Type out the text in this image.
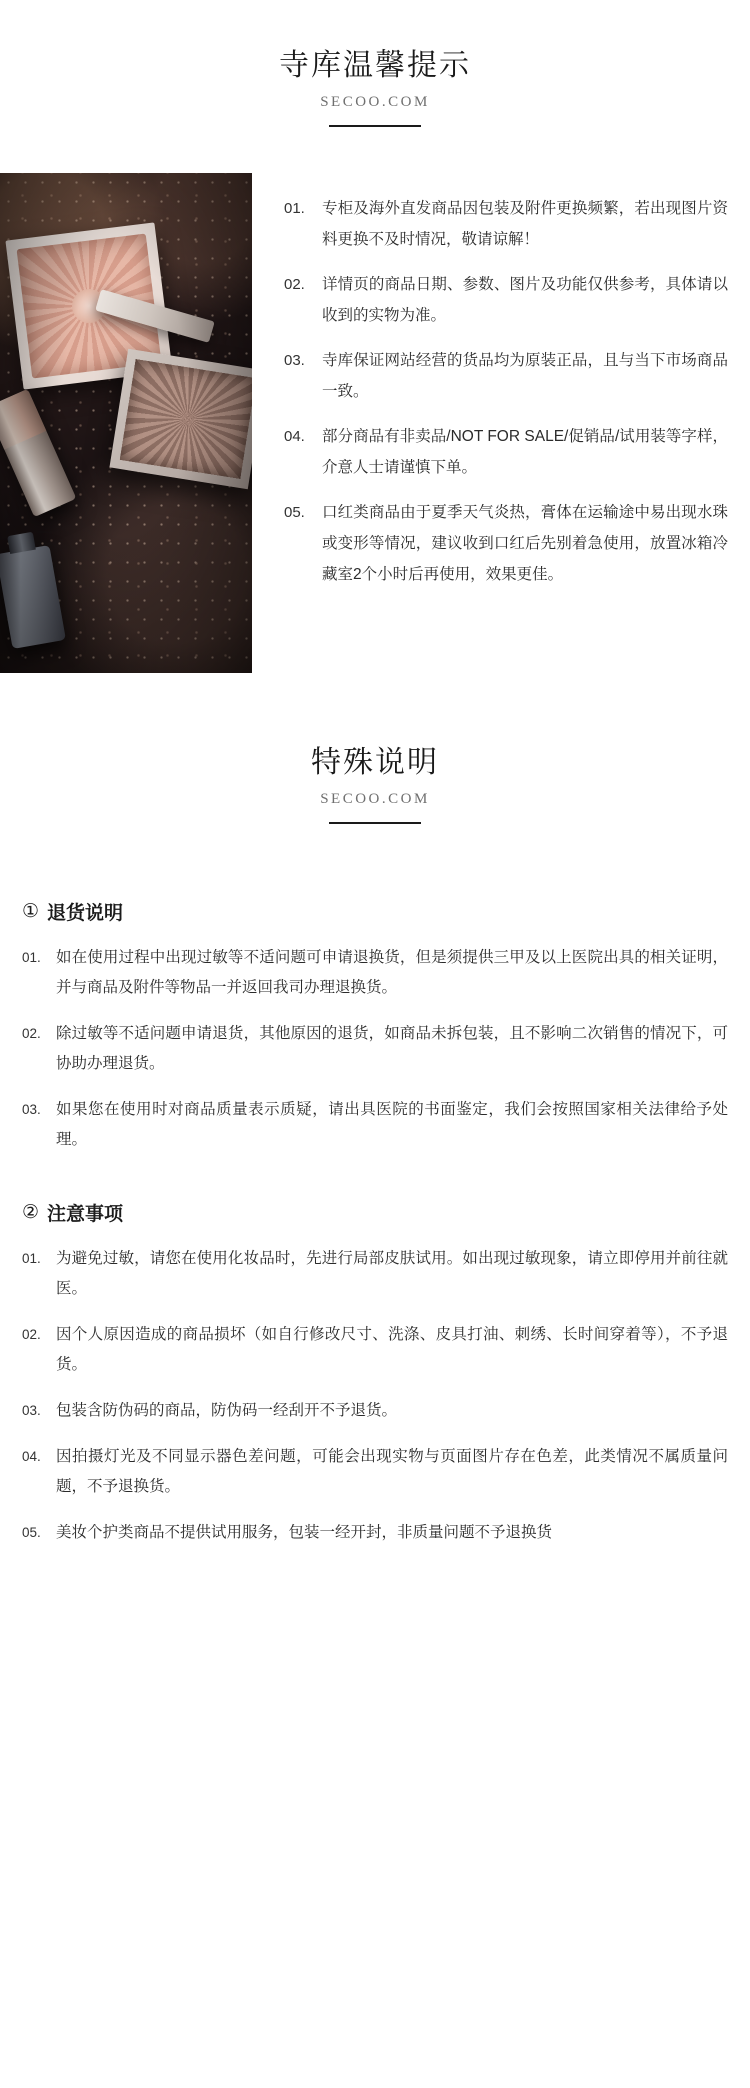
寺库温馨提示
SECOO.COM
01.	专柜及海外直发商品因包装及附件更换频繁，若出现图片资料更换不及时情况，敬请谅解！
02.	详情页的商品日期、参数、图片及功能仅供参考，具体请以收到的实物为准。
03.	寺库保证网站经营的货品均为原装正品，且与当下市场商品一致。
04.	部分商品有非卖品/NOT FOR SALE/促销品/试用装等字样，介意人士请谨慎下单。
05.	口红类商品由于夏季天气炎热，膏体在运输途中易出现水珠或变形等情况，建议收到口红后先别着急使用，放置冰箱冷藏室2个小时后再使用，效果更佳。
特殊说明
SECOO.COM
① 退货说明
01. 如在使用过程中出现过敏等不适问题可申请退换货，但是须提供三甲及以上医院出具的相关证明，并与商品及附件等物品一并返回我司办理退换货。
02. 除过敏等不适问题申请退货，其他原因的退货，如商品未拆包装，且不影响二次销售的情况下，可协助办理退货。
03. 如果您在使用时对商品质量表示质疑，请出具医院的书面鉴定，我们会按照国家相关法律给予处理。
② 注意事项
01. 为避免过敏，请您在使用化妆品时，先进行局部皮肤试用。如出现过敏现象，请立即停用并前往就医。
02. 因个人原因造成的商品损坏（如自行修改尺寸、洗涤、皮具打油、刺绣、长时间穿着等），不予退货。
03. 包装含防伪码的商品，防伪码一经刮开不予退货。
04. 因拍摄灯光及不同显示器色差问题，可能会出现实物与页面图片存在色差，此类情况不属质量问题，不予退换货。
05. 美妆个护类商品不提供试用服务，包装一经开封，非质量问题不予退换货
